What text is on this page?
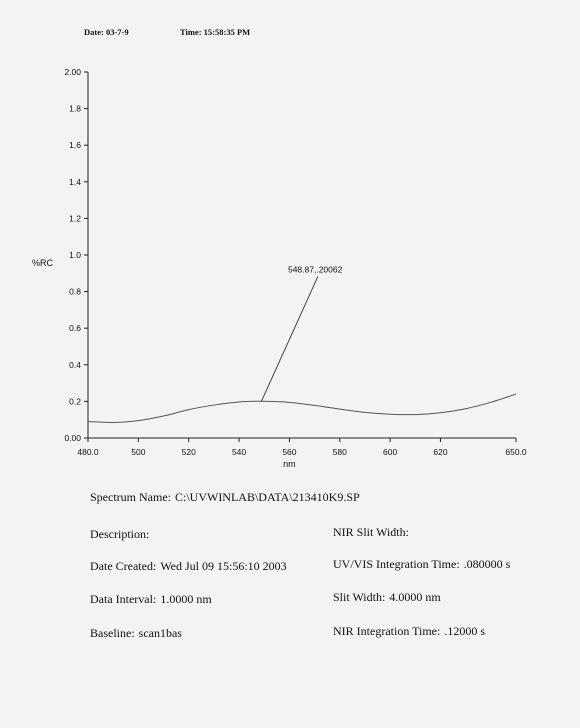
Date: 03-7-9	Time: 15:58:35 PM
0.00
0.2
0.4
0.6
0.8
1.0
1.2
1.4
1.6
1.8
2.00
480.0	500	520	540	560	580	600	620	650.0
%RC
nm
548.87,.20062
Spectrum Name: C:\UVWINLAB\DATA\213410K9.SP
Description:	NIR Slit Width:
Date Created: Wed Jul 09 15:56:10 2003	UV/VIS Integration Time: .080000 s
Data Interval: 1.0000 nm	Slit Width: 4.0000 nm
Baseline: scan1bas	NIR Integration Time: .12000 s
